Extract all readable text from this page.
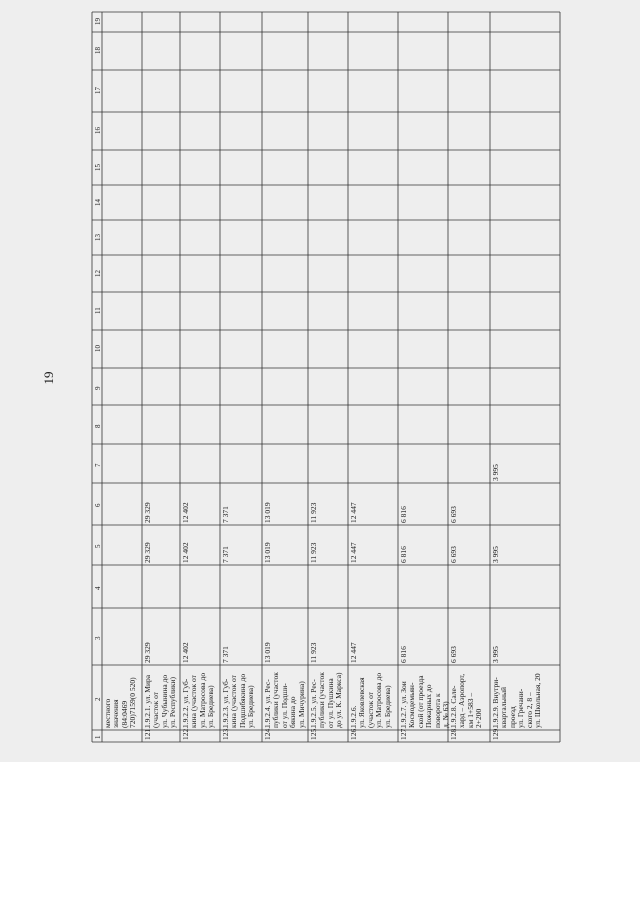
19
1
2
3
4
5
6
7
8
9
10
11
12
13
14
15
16
17
18
19
местного значения (84:0469 720)7159(0 520)
121.
1.9.2.1. ул. Мира (участок от ул. Чубынина до ул. Республики)
29 329
29 329
29 329
122.
1.9.2.2. ул. Губ- кина (участок от ул. Матросова до ул. Бредиева)
12 402
12 402
12 402
123.
1.9.2.3. ул. Губ- кина (участок от Подшибякина до ул. Бредиева)
7 371
7 371
7 371
124.
1.9.2.4. ул. Рес- публики (участок от ул. Подши- бякина до ул. Мичурина)
13 019
13 019
13 019
125.
1.9.2.5. ул. Рес- публики (участок от ул. Пушкина до ул. К. Маркса)
11 923
11 923
11 923
126.
1.9.2.6. ул. Яковлевская (участок от ул. Матросова до ул. Бредиева)
12 447
12 447
12 447
127.
1.9.2.7. ул. Зои Космодемьян- ской (от проезда Пожарных до поворота к д. № 63)
6 816
6 816
6 816
128.
1.9.2.8. Сале- хард – Аэропорт, км 1+583 – 2+200
6 693
6 693
6 693
129.
1.9.2.9. Внутри- квартальный проезд ул. Гречани- ского 2, 8 – ул. Школьная, 20
3 995
3 995
3 995
